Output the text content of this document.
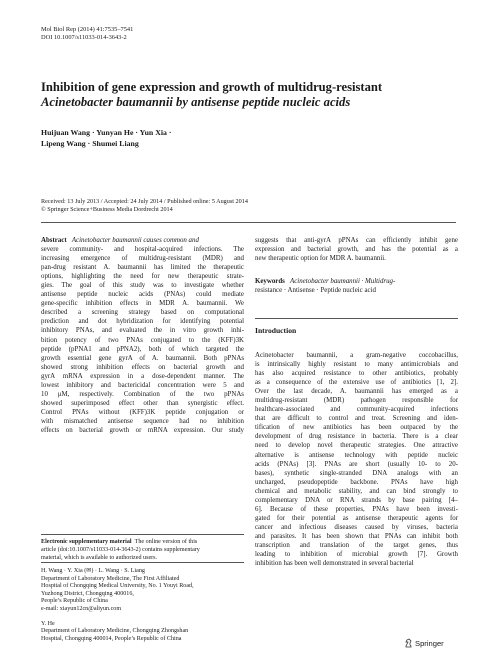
Mol Biol Rep (2014) 41:7535–7541
DOI 10.1007/s11033-014-3643-2
Inhibition of gene expression and growth of multidrug-resistant
Acinetobacter baumannii by antisense peptide nucleic acids
Huijuan Wang · Yunyan He · Yun Xia ·
Lipeng Wang · Shumei Liang
Received: 13 July 2013 / Accepted: 24 July 2014 / Published online: 5 August 2014
© Springer Science+Business Media Dordrecht 2014
Abstract Acinetobacter baumannii causes common and
severe community- and hospital-acquired infections. The
increasing emergence of multidrug-resistant (MDR) and
pan-drug resistant A. baumannii has limited the therapeutic
options, highlighting the need for new therapeutic strate-
gies. The goal of this study was to investigate whether
antisense peptide nucleic acids (PNAs) could mediate
gene-specific inhibition effects in MDR A. baumannii. We
described a screening strategy based on computational
prediction and dot hybridization for identifying potential
inhibitory PNAs, and evaluated the in vitro growth inhi-
bition potency of two PNAs conjugated to the (KFF)3K
peptide (pPNA1 and pPNA2), both of which targeted the
growth essential gene gyrA of A. baumannii. Both pPNAs
showed strong inhibition effects on bacterial growth and
gyrA mRNA expression in a dose-dependent manner. The
lowest inhibitory and bactericidal concentration were 5 and
10 μM, respectively. Combination of the two pPNAs
showed superimposed effect other than synergistic effect.
Control PNAs without (KFF)3K peptide conjugation or
with mismatched antisense sequence had no inhibition
effects on bacterial growth or mRNA expression. Our study
suggests that anti-gyrA pPNAs can efficiently inhibit gene
expression and bacterial growth, and has the potential as a
new therapeutic option for MDR A. baumannii.
Keywords Acinetobacter baumannii · Multidrug-
resistance · Antisense · Peptide nucleic acid
Introduction
Acinetobacter baumannii, a gram-negative coccobacillus,
is intrinsically highly resistant to many antimicrobials and
has also acquired resistance to other antibiotics, probably
as a consequence of the extensive use of antibiotics [1, 2].
Over the last decade, A. baumannii has emerged as a
multidrug-resistant (MDR) pathogen responsible for
healthcare-associated and community-acquired infections
that are difficult to control and treat. Screening and iden-
tification of new antibiotics has been outpaced by the
development of drug resistance in bacteria. There is a clear
need to develop novel therapeutic strategies. One attractive
alternative is antisense technology with peptide nucleic
acids (PNAs) [3]. PNAs are short (usually 10- to 20-
bases), synthetic single-stranded DNA analogs with an
uncharged, pseudopeptide backbone. PNAs have high
chemical and metabolic stability, and can bind strongly to
complementary DNA or RNA strands by base pairing [4–
6]. Because of these properties, PNAs have been investi-
gated for their potential as antisense therapeutic agents for
cancer and infectious diseases caused by viruses, bacteria
and parasites. It has been shown that PNAs can inhibit both
transcription and translation of the target genes, thus
leading to inhibition of microbial growth [7]. Growth
inhibition has been well demonstrated in several bacterial
Electronic supplementary material The online version of this
article (doi:10.1007/s11033-014-3643-2) contains supplementary
material, which is available to authorized users.
H. Wang · Y. Xia (✉) · L. Wang · S. Liang
Department of Laboratory Medicine, The First Affiliated
Hospital of Chongqing Medical University, No. 1 Youyi Road,
Yuzhong District, Chongqing 400016,
People’s Republic of China
e-mail: xiayun12cn@aliyun.com
Y. He
Department of Laboratory Medicine, Chongqing Zhongshan
Hospital, Chongqing 400014, People’s Republic of China
Springer
